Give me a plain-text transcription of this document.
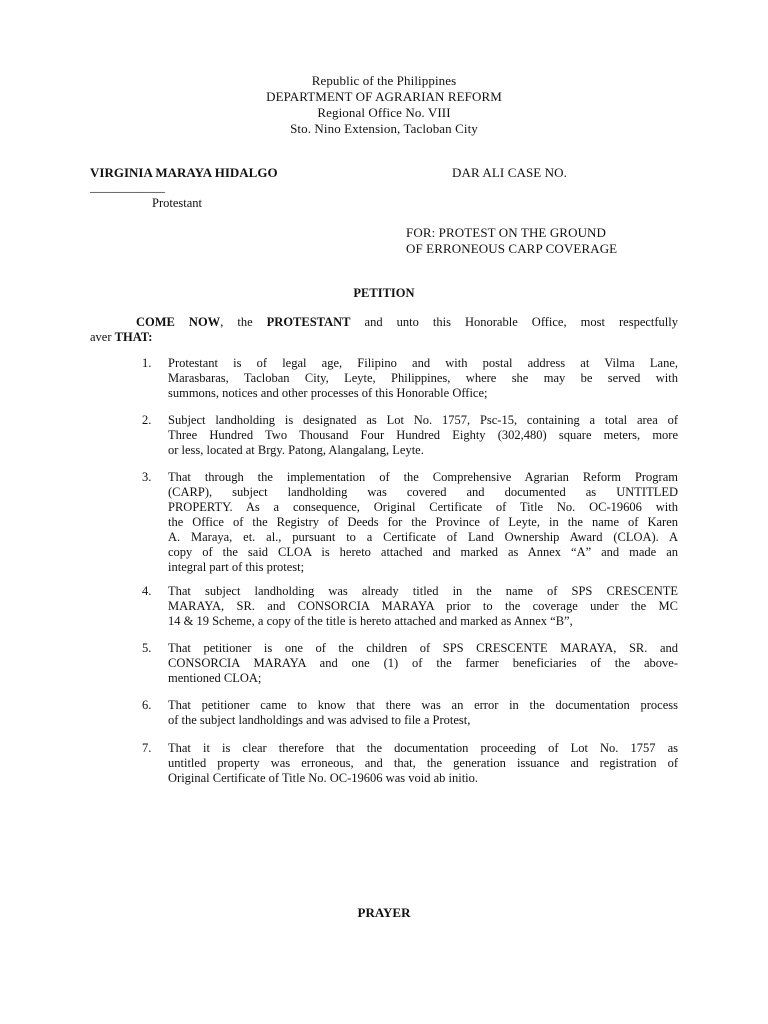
Republic of the Philippines
DEPARTMENT OF AGRARIAN REFORM
Regional Office No. VIII
Sto. Nino Extension, Tacloban City
VIRGINIA MARAYA HIDALGO
____________
Protestant
DAR ALI CASE NO.
FOR: PROTEST ON THE GROUND
OF ERRONEOUS CARP COVERAGE
PETITION
COME NOW, the PROTESTANT and unto this Honorable Office, most respectfully
aver THAT:
1.	Protestant is of legal age, Filipino and with postal address at Vilma Lane,
Marasbaras, Tacloban City, Leyte, Philippines, where she may be served with
summons, notices and other processes of this Honorable Office;
2.	Subject landholding is designated as Lot No. 1757, Psc-15, containing a total area of
Three Hundred Two Thousand Four Hundred Eighty (302,480) square meters, more
or less, located at Brgy. Patong, Alangalang, Leyte.
3.	That through the implementation of the Comprehensive Agrarian Reform Program
(CARP), subject landholding was covered and documented as UNTITLED
PROPERTY. As a consequence, Original Certificate of Title No. OC-19606 with
the Office of the Registry of Deeds for the Province of Leyte, in the name of Karen
A. Maraya, et. al., pursuant to a Certificate of Land Ownership Award (CLOA). A
copy of the said CLOA is hereto attached and marked as Annex “A” and made an
integral part of this protest;
4.	That subject landholding was already titled in the name of SPS CRESCENTE
MARAYA, SR. and CONSORCIA MARAYA prior to the coverage under the MC
14 & 19 Scheme, a copy of the title is hereto attached and marked as Annex “B”,
5.	That petitioner is one of the children of SPS CRESCENTE MARAYA, SR. and
CONSORCIA MARAYA and one (1) of the farmer beneficiaries of the above-
mentioned CLOA;
6.	That petitioner came to know that there was an error in the documentation process
of the subject landholdings and was advised to file a Protest,
7.	That it is clear therefore that the documentation proceeding of Lot No. 1757 as
untitled property was erroneous, and that, the generation issuance and registration of
Original Certificate of Title No. OC-19606 was void ab initio.
PRAYER
